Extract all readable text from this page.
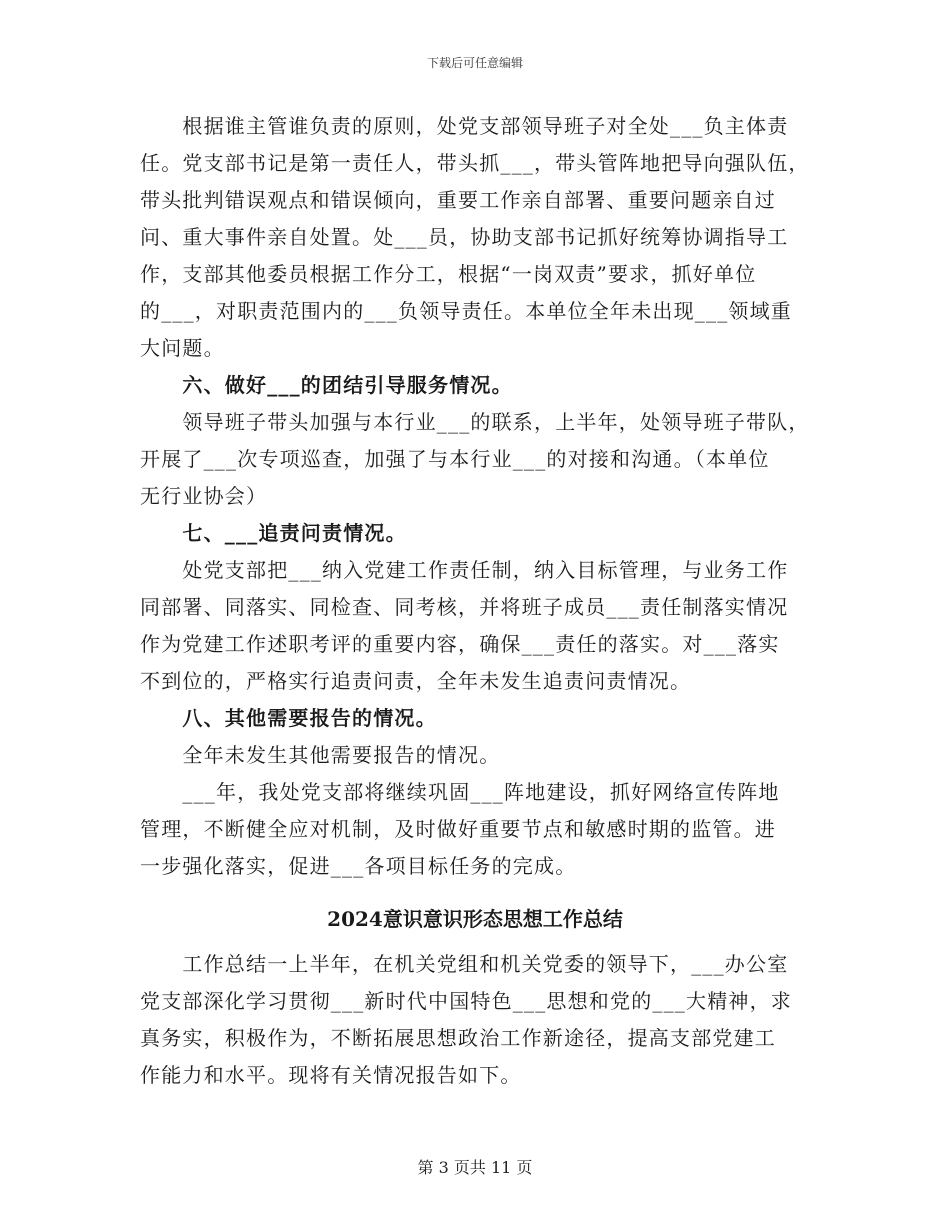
下载后可任意编辑
　　根据谁主管谁负责的原则，处党支部领导班子对全处___负主体责
任。党支部书记是第一责任人，带头抓___，带头管阵地把导向强队伍，
带头批判错误观点和错误倾向，重要工作亲自部署、重要问题亲自过
问、重大事件亲自处置。处___员，协助支部书记抓好统筹协调指导工
作，支部其他委员根据工作分工，根据“一岗双责”要求，抓好单位
的___，对职责范围内的___负领导责任。本单位全年未出现___领域重
大问题。
　　六、做好___的团结引导服务情况。
　　领导班子带头加强与本行业___的联系，上半年，处领导班子带队，
开展了___次专项巡查，加强了与本行业___的对接和沟通。（本单位
无行业协会）
　　七、___追责问责情况。
　　处党支部把___纳入党建工作责任制，纳入目标管理，与业务工作
同部署、同落实、同检查、同考核，并将班子成员___责任制落实情况
作为党建工作述职考评的重要内容，确保___责任的落实。对___落实
不到位的，严格实行追责问责，全年未发生追责问责情况。
　　八、其他需要报告的情况。
　　全年未发生其他需要报告的情况。
　　___年，我处党支部将继续巩固___阵地建设，抓好网络宣传阵地
管理，不断健全应对机制，及时做好重要节点和敏感时期的监管。进
一步强化落实，促进___各项目标任务的完成。
2024意识意识形态思想工作总结
　　工作总结一上半年，在机关党组和机关党委的领导下，___办公室
党支部深化学习贯彻___新时代中国特色___思想和党的___大精神，求
真务实，积极作为，不断拓展思想政治工作新途径，提高支部党建工
作能力和水平。现将有关情况报告如下。
第 3 页共 11 页
